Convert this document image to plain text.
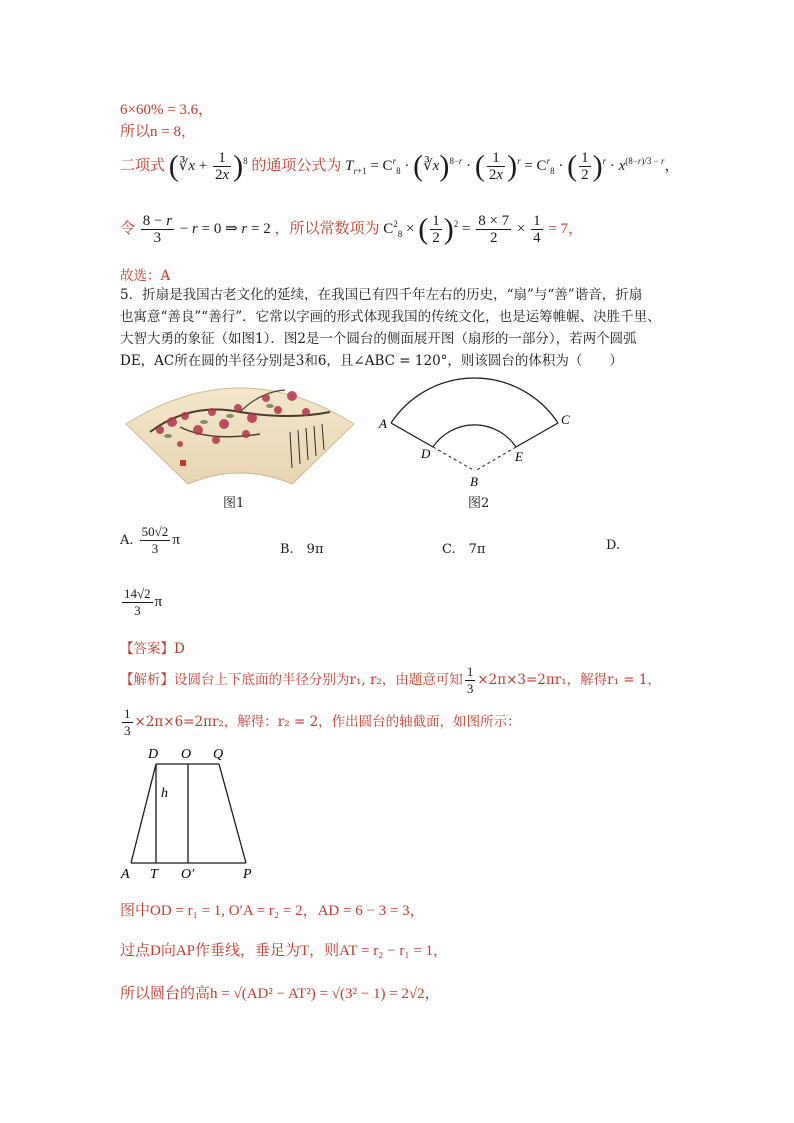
6×60% = 3.6，
所以n = 8，
二项式 (∛x + $\frac{1}{2x} )^8$ 的通项公式为 $T_{r+1} = C^r_8$ · (∛x)$^{8-r}$ · ( $\frac{1}{2x} )^r = C^r_8$ · ( $\frac{1}{2} )^r \cdot x^{(8-r)/3 - r}$，
令 $\frac{8 - r}{3} - r = 0$ ⇒ r = 2 ，所以常数项为 $C^2_8$ × ( $\frac{1}{2} )^2 = \frac{8 \times 7}{2} \times \frac{1}{4} = 7$，
故选：A
5．折扇是我国古老文化的延续，在我国已有四千年左右的历史，“扇”与“善”谐音，折扇
也寓意“善良”“善行”．它常以字画的形式体现我国的传统文化，也是运筹帷幄、决胜千里、
大智大勇的象征（如图1）．图2是一个圆台的侧面展开图（扇形的一部分），若两个圆弧
DE，AC所在圆的半径分别是3和6，且∠ABC = 120°，则该圆台的体积为（　　）
图1
A	C
D	E
B
图2
A. $\frac{50√2}{3}$ π
B.　9π	C.　7π	D.
$\frac{14√2}{3}$ π
【答案】D
【解析】设圆台上下底面的半径分别为r₁, r₂，由题意可知 $\frac{1}{3} \times 2\pi\times 3=2\pi r_1$，解得r₁ = 1，
$\frac{1}{3} \times 2\pi\times 6=2\pi r_2$，解得：r₂ = 2，作出圆台的轴截面，如图所示：
D O Q
h
A T O′	P
图中OD = r₁ = 1, O′A = r₂ = 2，AD = 6 − 3 = 3，
过点D向AP作垂线，垂足为T，则AT = r₂ − r₁ = 1，
所以圆台的高h = √(AD² − AT²) = √(3² − 1) = 2√2，
